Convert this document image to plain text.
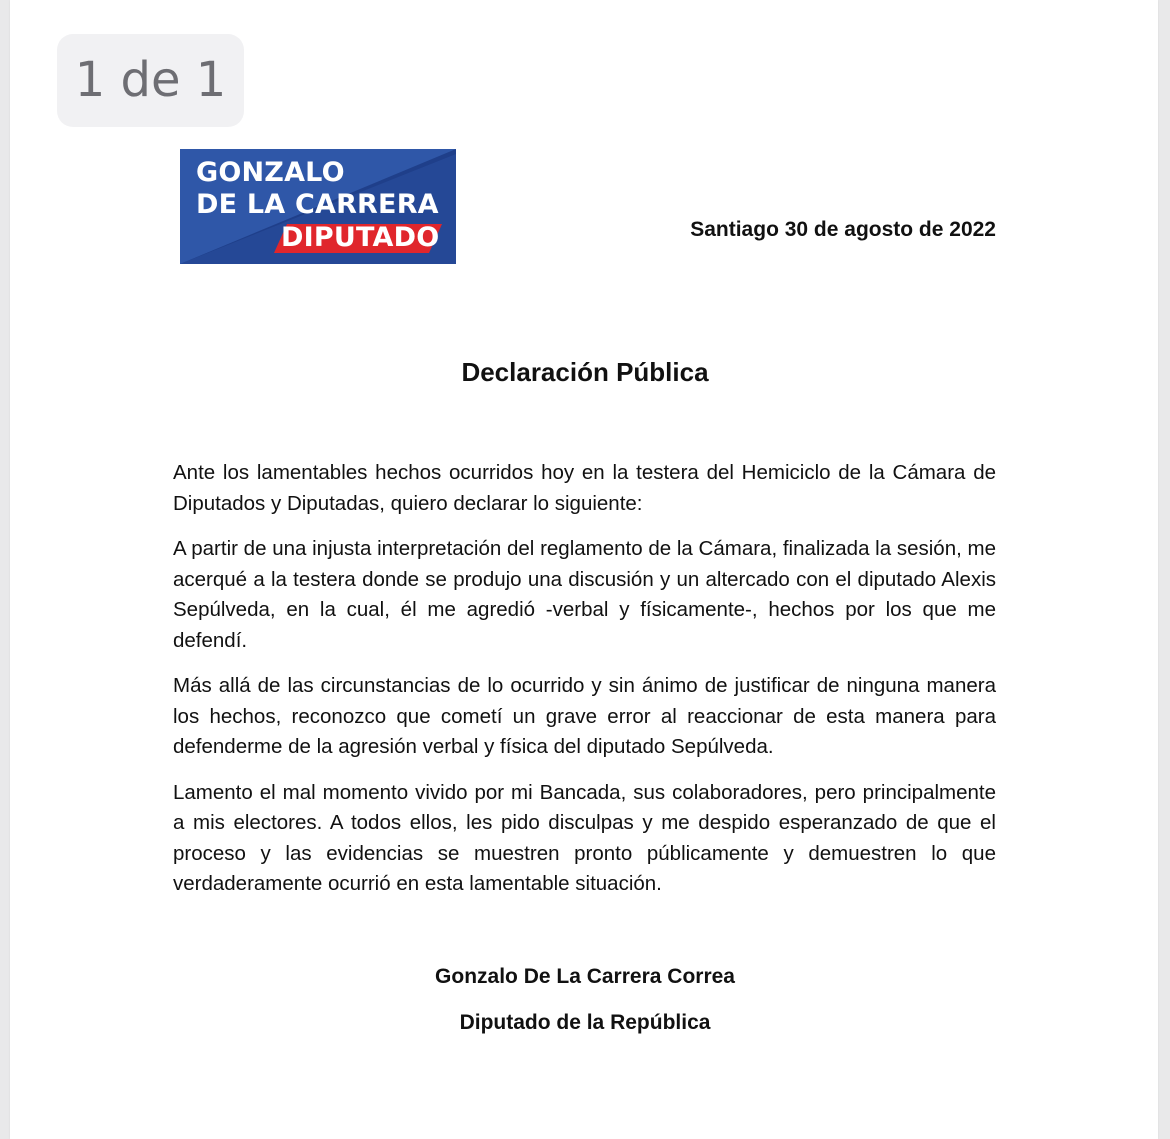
1 de 1
GONZALO
DE LA CARRERA
DIPUTADO	Santiago 30 de agosto de 2022
Declaración Pública

Ante los lamentables hechos ocurridos hoy en la testera del Hemiciclo de la Cámara de Diputados y Diputadas, quiero declarar lo siguiente:

A partir de una injusta interpretación del reglamento de la Cámara, finalizada la sesión, me acerqué a la testera donde se produjo una discusión y un altercado con el diputado Alexis Sepúlveda, en la cual, él me agredió -verbal y físicamente-, hechos por los que me defendí.

Más allá de las circunstancias de lo ocurrido y sin ánimo de justificar de ninguna manera los hechos, reconozco que cometí un grave error al reaccionar de esta manera para defenderme de la agresión verbal y física del diputado Sepúlveda.

Lamento el mal momento vivido por mi Bancada, sus colaboradores, pero principalmente a mis electores. A todos ellos, les pido disculpas y me despido esperanzado de que el proceso y las evidencias se muestren pronto públicamente y demuestren lo que verdaderamente ocurrió en esta lamentable situación.

Gonzalo De La Carrera Correa
Diputado de la República
